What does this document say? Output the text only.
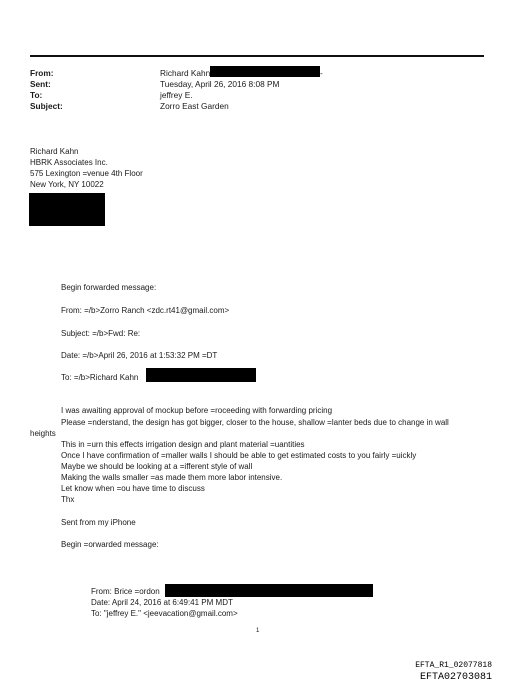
From:	Richard Kahn	-
Sent:	Tuesday, April 26, 2016 8:08 PM
To:	jeffrey E.
Subject:	Zorro East Garden
Richard Kahn
HBRK Associates Inc.
575 Lexington =venue 4th Floor
New York, NY 10022
Begin forwarded message:
From: =/b>Zorro Ranch <zdc.rt41@gmail.com>
Subject: =/b>Fwd: Re:
Date: =/b>April 26, 2016 at 1:53:32 PM =DT
To: =/b>Richard Kahn
I was awaiting approval of mockup before =roceeding with forwarding pricing
Please =nderstand, the design has got bigger, closer to the house, shallow =lanter beds due to change in wall
heights
This in =urn this effects irrigation design and plant material =uantities
Once I have confirmation of =maller walls I should be able to get estimated costs to you fairly =uickly
Maybe we should be looking at a =ifferent style of wall
Making the walls smaller =as made them more labor intensive.
Let know when =ou have time to discuss
Thx
Sent from my iPhone
Begin =orwarded message:
From: Brice =ordon
Date: April 24, 2016 at 6:49:41 PM MDT
To: "jeffrey E." <jeevacation@gmail.com>
1
EFTA_R1_02077818
EFTA02703081
